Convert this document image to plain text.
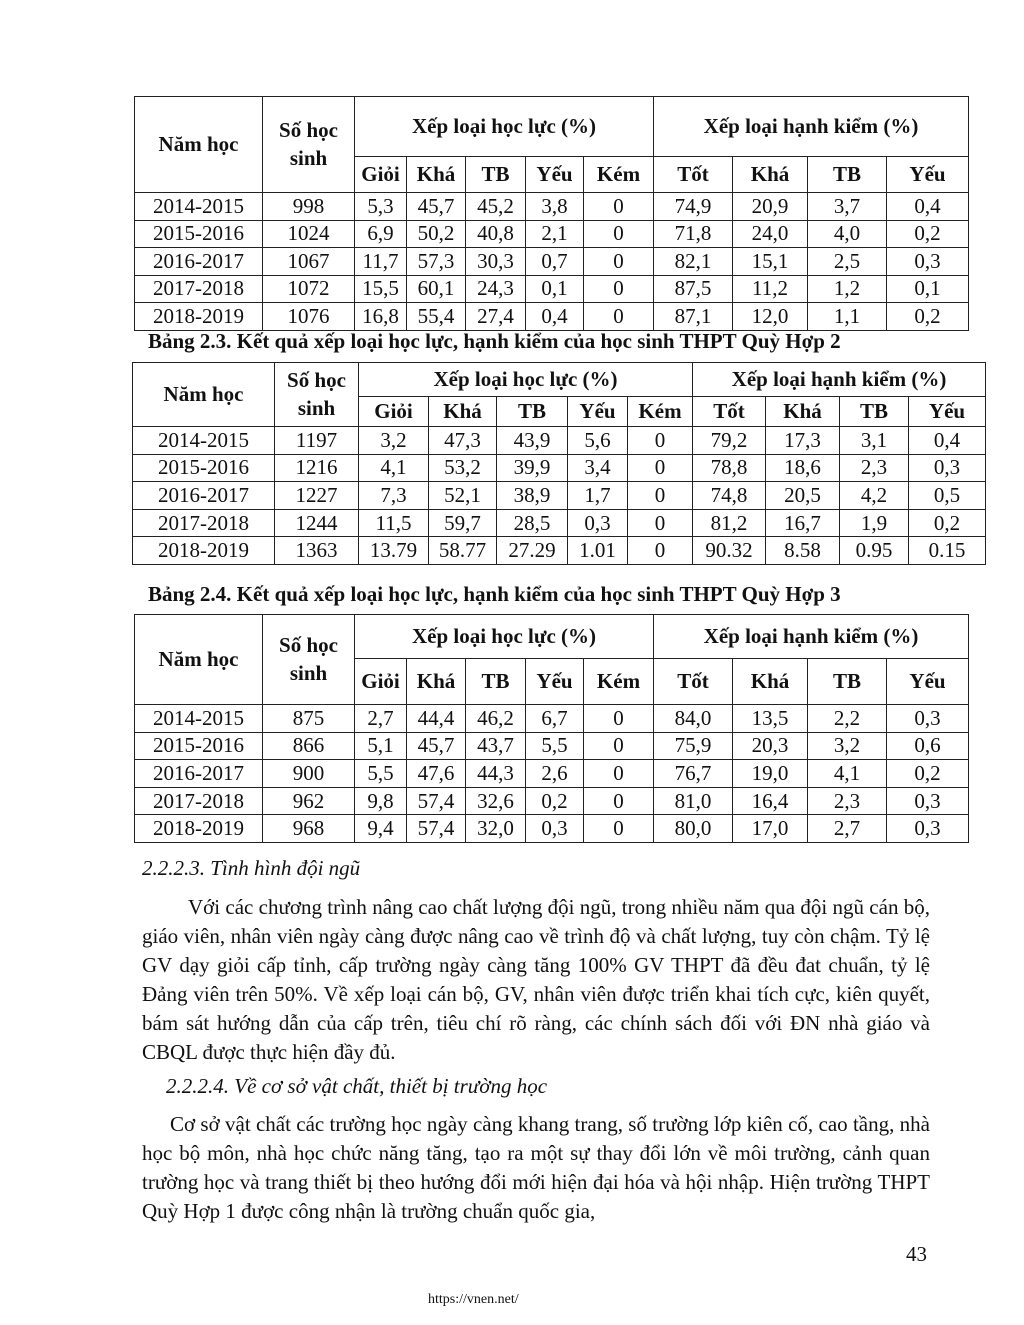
Năm học	Số học sinh	Xếp loại học lực (%)					Xếp loại hạnh kiểm (%)			
		Giỏi	Khá	TB	Yếu	Kém	Tốt	Khá	TB	Yếu
2014-2015	998	5,3	45,7	45,2	3,8	0	74,9	20,9	3,7	0,4
2015-2016	1024	6,9	50,2	40,8	2,1	0	71,8	24,0	4,0	0,2
2016-2017	1067	11,7	57,3	30,3	0,7	0	82,1	15,1	2,5	0,3
2017-2018	1072	15,5	60,1	24,3	0,1	0	87,5	11,2	1,2	0,1
2018-2019	1076	16,8	55,4	27,4	0,4	0	87,1	12,0	1,1	0,2
Bảng 2.3. Kết quả xếp loại học lực, hạnh kiểm của học sinh THPT Quỳ Hợp 2
Năm học	Số học sinh	Xếp loại học lực (%)					Xếp loại hạnh kiểm (%)			
		Giỏi	Khá	TB	Yếu	Kém	Tốt	Khá	TB	Yếu
2014-2015	1197	3,2	47,3	43,9	5,6	0	79,2	17,3	3,1	0,4
2015-2016	1216	4,1	53,2	39,9	3,4	0	78,8	18,6	2,3	0,3
2016-2017	1227	7,3	52,1	38,9	1,7	0	74,8	20,5	4,2	0,5
2017-2018	1244	11,5	59,7	28,5	0,3	0	81,2	16,7	1,9	0,2
2018-2019	1363	13.79	58.77	27.29	1.01	0	90.32	8.58	0.95	0.15
Bảng 2.4. Kết quả xếp loại học lực, hạnh kiểm của học sinh THPT Quỳ Hợp 3
Năm học	Số học sinh	Xếp loại học lực (%)					Xếp loại hạnh kiểm (%)			
		Giỏi	Khá	TB	Yếu	Kém	Tốt	Khá	TB	Yếu
2014-2015	875	2,7	44,4	46,2	6,7	0	84,0	13,5	2,2	0,3
2015-2016	866	5,1	45,7	43,7	5,5	0	75,9	20,3	3,2	0,6
2016-2017	900	5,5	47,6	44,3	2,6	0	76,7	19,0	4,1	0,2
2017-2018	962	9,8	57,4	32,6	0,2	0	81,0	16,4	2,3	0,3
2018-2019	968	9,4	57,4	32,0	0,3	0	80,0	17,0	2,7	0,3
2.2.2.3. Tình hình đội ngũ

Với các chương trình nâng cao chất lượng đội ngũ, trong nhiều năm qua đội ngũ cán bộ, giáo viên, nhân viên ngày càng được nâng cao về trình độ và chất lượng, tuy còn chậm. Tỷ lệ GV dạy giỏi cấp tỉnh, cấp trường ngày càng tăng 100% GV THPT đã đều đat chuẩn, tỷ lệ Đảng viên trên 50%. Về xếp loại cán bộ, GV, nhân viên được triển khai tích cực, kiên quyết, bám sát hướng dẫn của cấp trên, tiêu chí rõ ràng, các chính sách đối với ĐN nhà giáo và CBQL được thực hiện đầy đủ.

2.2.2.4. Về cơ sở vật chất, thiết bị trường học

Cơ sở vật chất các trường học ngày càng khang trang, số trường lớp kiên cố, cao tầng, nhà học bộ môn, nhà học chức năng tăng, tạo ra một sự thay đổi lớn về môi trường, cảnh quan trường học và trang thiết bị theo hướng đổi mới hiện đại hóa và hội nhập. Hiện trường THPT Quỳ Hợp 1 được công nhận là trường chuẩn quốc gia,

43
https://vnen.net/
